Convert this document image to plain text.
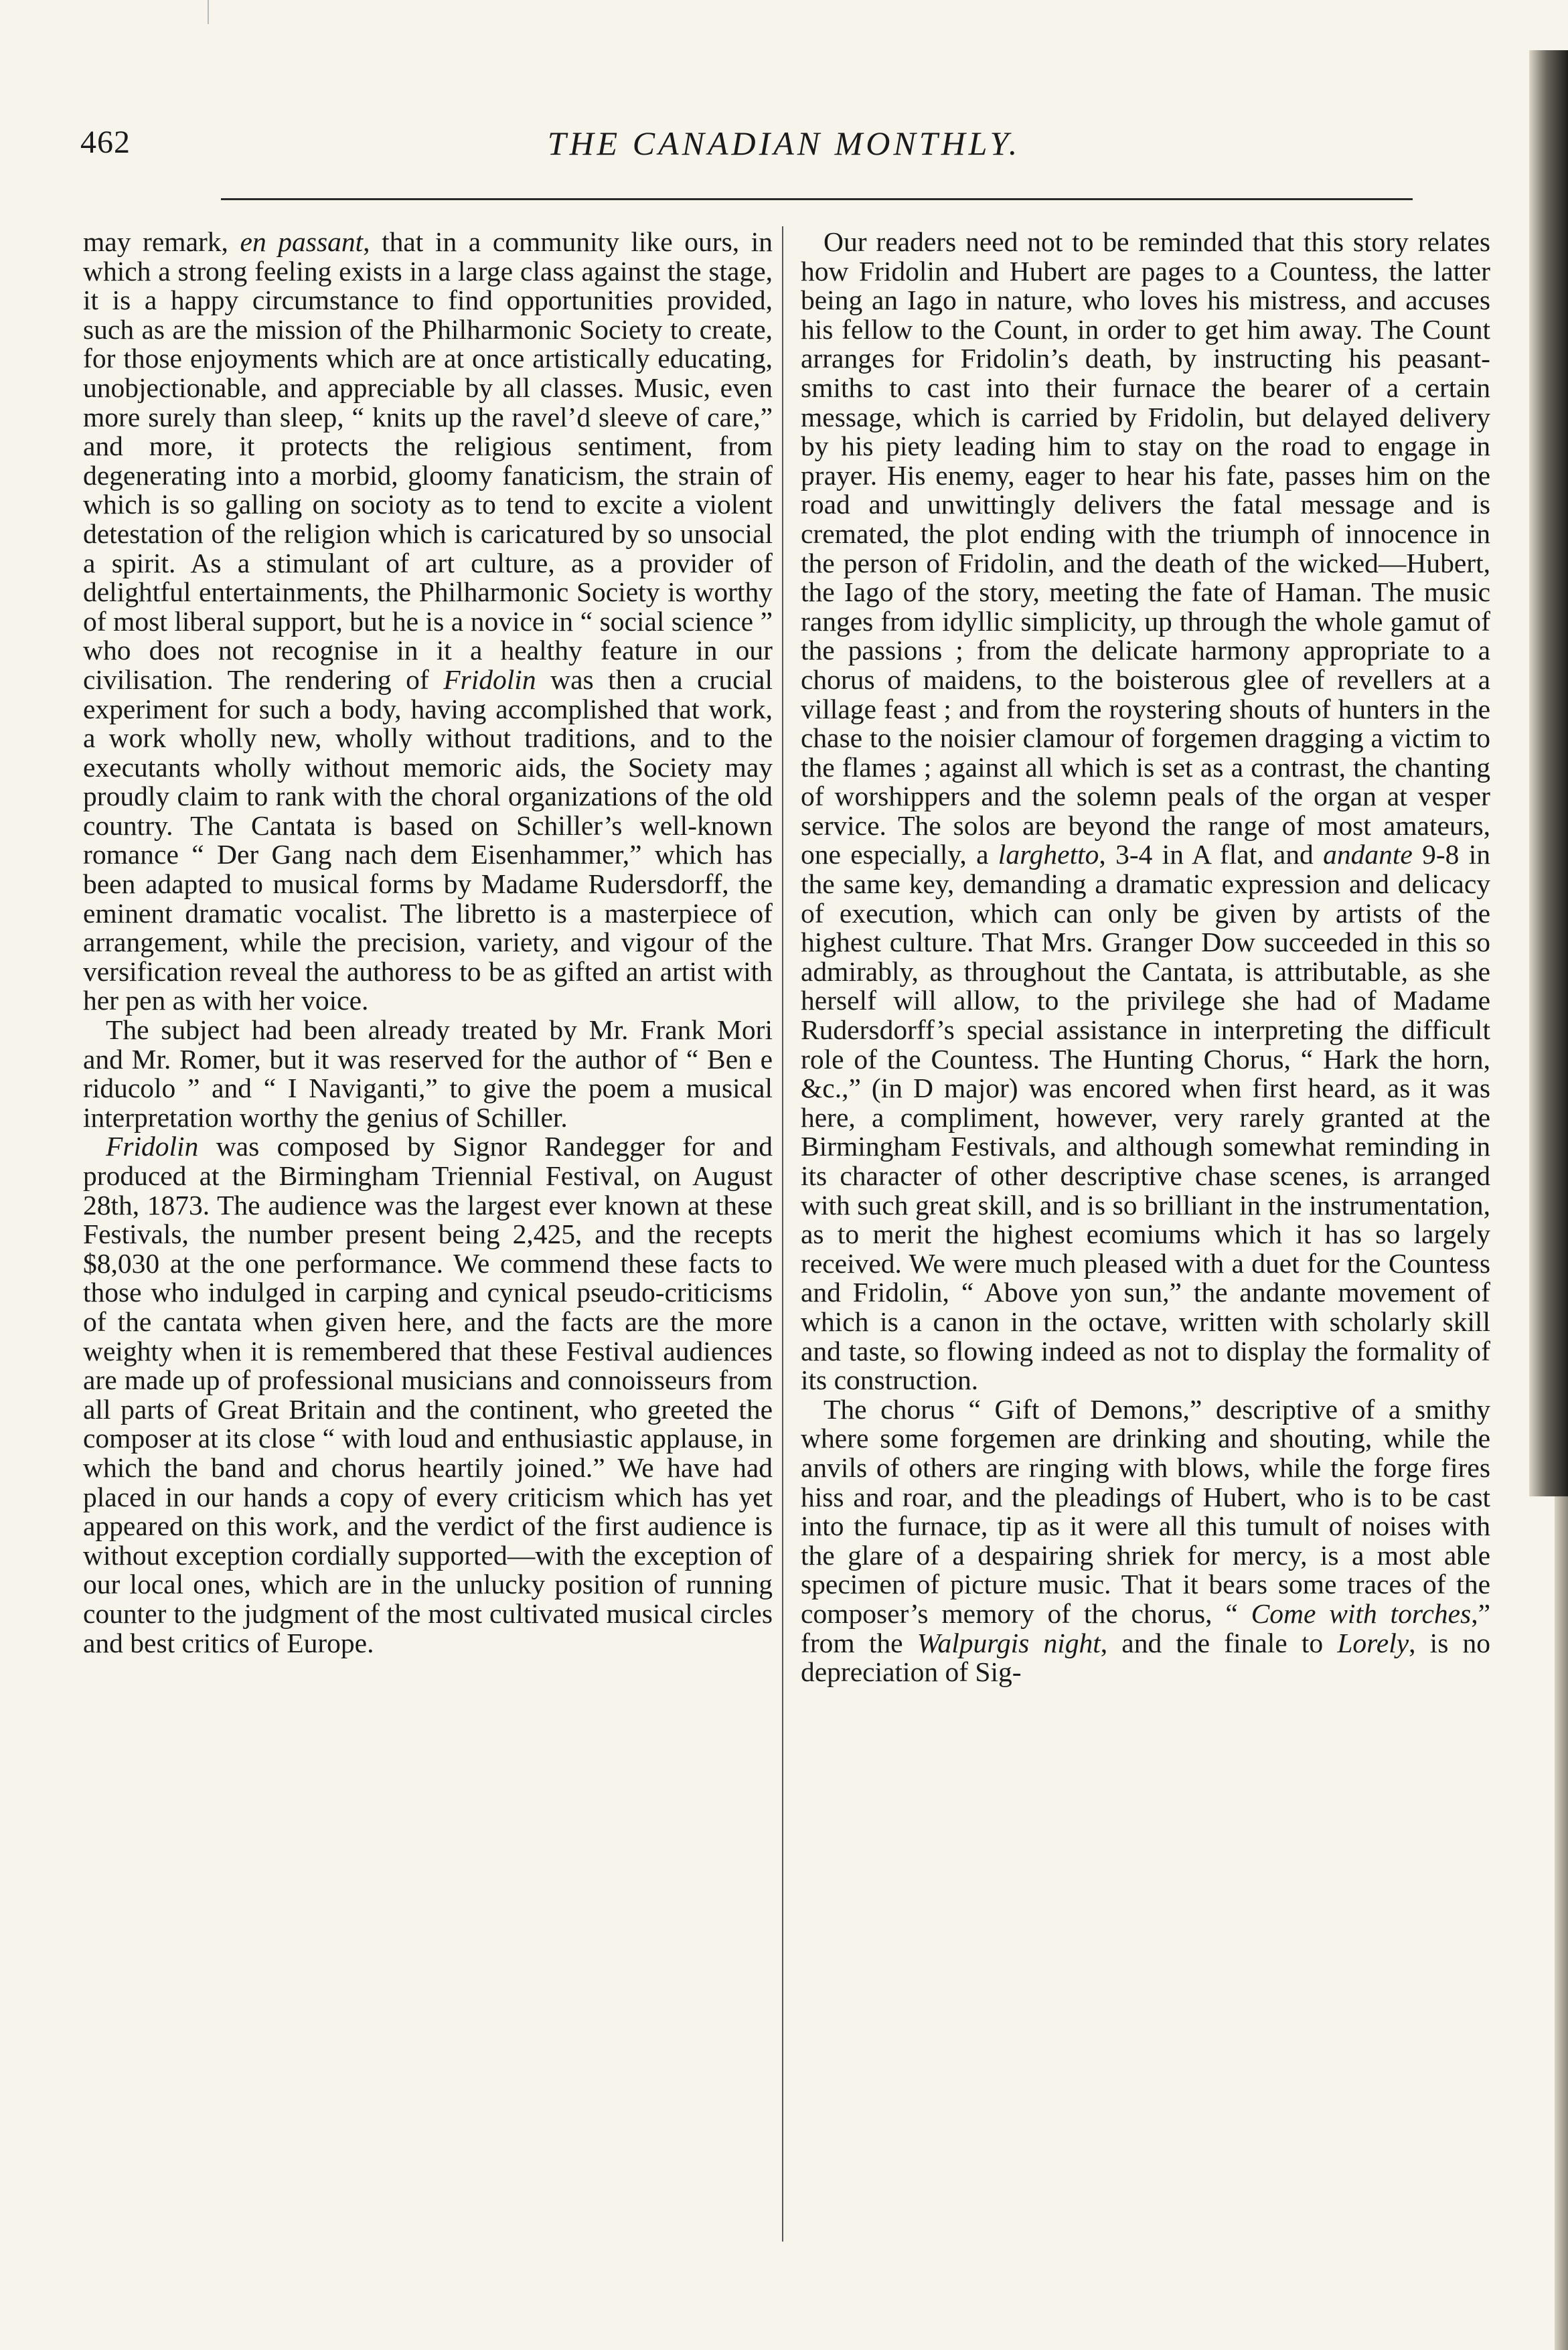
462	THE CANADIAN MONTHLY.

may remark, en passant, that in a community like ours, in which a strong feeling exists in a large class against the stage, it is a happy circumstance to find opportunities provided, such as are the mission of the Philharmonic Society to create, for those enjoyments which are at once artistically educating, unobjectionable, and appreciable by all classes. Music, even more surely than sleep, “ knits up the ravel’d sleeve of care,” and more, it protects the religious sentiment, from degenerating into a morbid, gloomy fanaticism, the strain of which is so galling on socioty as to tend to excite a violent detestation of the religion which is caricatured by so unsocial a spirit. As a stimulant of art culture, as a provider of delightful entertainments, the Philharmonic Society is worthy of most liberal support, but he is a novice in “ social science ” who does not recognise in it a healthy feature in our civilisation. The rendering of Fridolin was then a crucial experiment for such a body, having accomplished that work, a work wholly new, wholly without traditions, and to the executants wholly without memoric aids, the Society may proudly claim to rank with the choral organizations of the old country. The Cantata is based on Schiller’s well-known romance “ Der Gang nach dem Eisenhammer,” which has been adapted to musical forms by Madame Rudersdorff, the eminent dramatic vocalist. The libretto is a masterpiece of arrangement, while the precision, variety, and vigour of the versification reveal the authoress to be as gifted an artist with her pen as with her voice.

The subject had been already treated by Mr. Frank Mori and Mr. Romer, but it was reserved for the author of “ Ben e riducolo ” and “ I Naviganti,” to give the poem a musical interpretation worthy the genius of Schiller.

Fridolin was composed by Signor Randegger for and produced at the Birmingham Triennial Festival, on August 28th, 1873. The audience was the largest ever known at these Festivals, the number present being 2,425, and the recepts $8,030 at the one performance. We commend these facts to those who indulged in carping and cynical pseudo-criticisms of the cantata when given here, and the facts are the more weighty when it is remembered that these Festival audiences are made up of professional musicians and connoisseurs from all parts of Great Britain and the continent, who greeted the composer at its close “ with loud and enthusiastic applause, in which the band and chorus heartily joined.” We have had placed in our hands a copy of every criticism which has yet appeared on this work, and the verdict of the first audience is without exception cordially supported—with the exception of our local ones, which are in the unlucky position of running counter to the judgment of the most cultivated musical circles and best critics of Europe.

Our readers need not to be reminded that this story relates how Fridolin and Hubert are pages to a Countess, the latter being an Iago in nature, who loves his mistress, and accuses his fellow to the Count, in order to get him away. The Count arranges for Fridolin’s death, by instructing his peasant-smiths to cast into their furnace the bearer of a certain message, which is carried by Fridolin, but delayed delivery by his piety leading him to stay on the road to engage in prayer. His enemy, eager to hear his fate, passes him on the road and unwittingly delivers the fatal message and is cremated, the plot ending with the triumph of innocence in the person of Fridolin, and the death of the wicked—Hubert, the Iago of the story, meeting the fate of Haman. The music ranges from idyllic simplicity, up through the whole gamut of the passions ; from the delicate harmony appropriate to a chorus of maidens, to the boisterous glee of revellers at a village feast ; and from the roystering shouts of hunters in the chase to the noisier clamour of forgemen dragging a victim to the flames ; against all which is set as a contrast, the chanting of worshippers and the solemn peals of the organ at vesper service. The solos are beyond the range of most amateurs, one especially, a larghetto, 3-4 in A flat, and andante 9-8 in the same key, demanding a dramatic expression and delicacy of execution, which can only be given by artists of the highest culture. That Mrs. Granger Dow succeeded in this so admirably, as throughout the Cantata, is attributable, as she herself will allow, to the privilege she had of Madame Rudersdorff’s special assistance in interpreting the difficult role of the Countess. The Hunting Chorus, “ Hark the horn, &c.,” (in D major) was encored when first heard, as it was here, a compliment, however, very rarely granted at the Birmingham Festivals, and although somewhat reminding in its character of other descriptive chase scenes, is arranged with such great skill, and is so brilliant in the instrumentation, as to merit the highest ecomiums which it has so largely received. We were much pleased with a duet for the Countess and Fridolin, “ Above yon sun,” the andante movement of which is a canon in the octave, written with scholarly skill and taste, so flowing indeed as not to display the formality of its construction.

The chorus “ Gift of Demons,” descriptive of a smithy where some forgemen are drinking and shouting, while the anvils of others are ringing with blows, while the forge fires hiss and roar, and the pleadings of Hubert, who is to be cast into the furnace, tip as it were all this tumult of noises with the glare of a despairing shriek for mercy, is a most able specimen of picture music. That it bears some traces of the composer’s memory of the chorus, “ Come with torches,” from the Walpurgis night, and the finale to Lorely, is no depreciation of Sig-
